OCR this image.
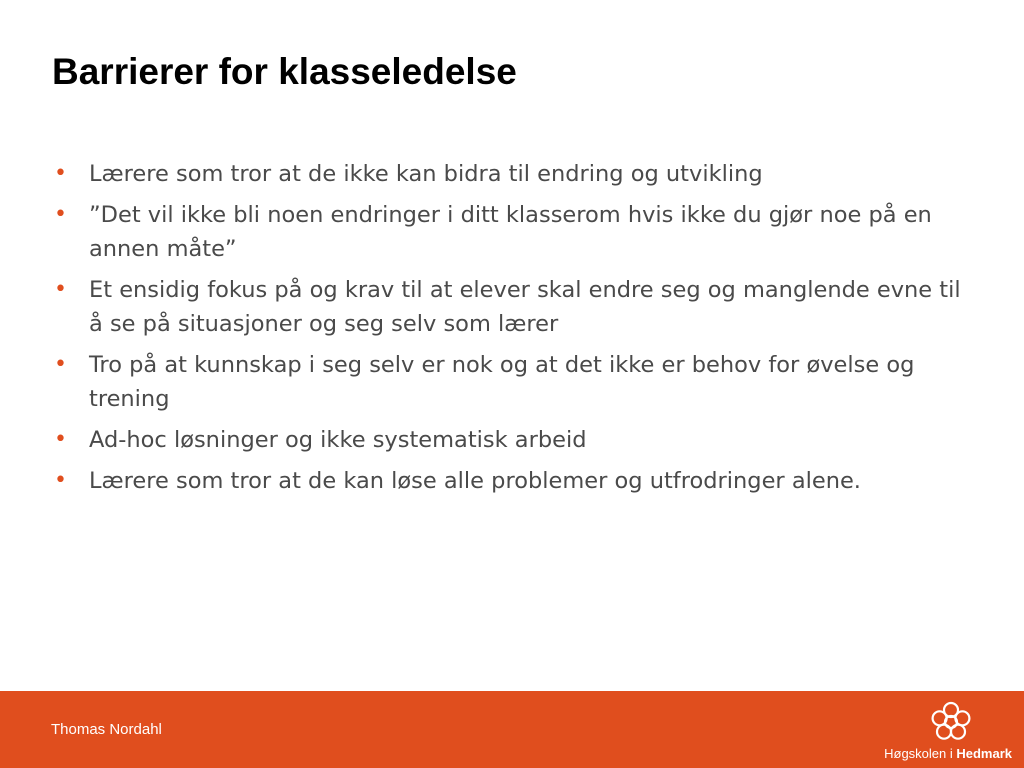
Barrierer for klasseledelse
• Lærere som tror at de ikke kan bidra til endring og utvikling
• ”Det vil ikke bli noen endringer i ditt klasserom hvis ikke du gjør noe på en annen måte”
• Et ensidig fokus på og krav til at elever skal endre seg og manglende evne til å se på situasjoner og seg selv som lærer
• Tro på at kunnskap i seg selv er nok og at det ikke er behov for øvelse og trening
• Ad-hoc løsninger og ikke systematisk arbeid
• Lærere som tror at de kan løse alle problemer og utfrodringer alene.
Thomas Nordahl
Høgskolen i Hedmark
